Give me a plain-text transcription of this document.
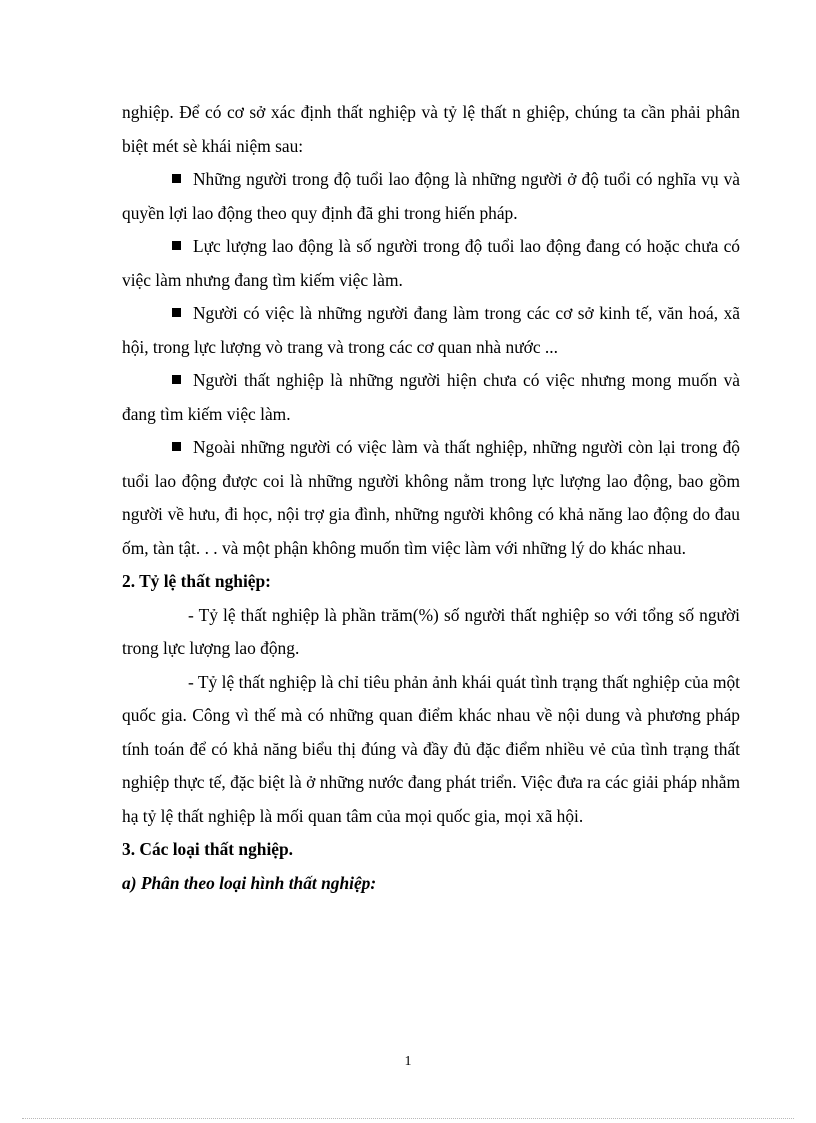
nghiệp. Để có cơ sở xác định thất nghiệp và tỷ lệ thất n ghiệp, chúng ta cần phải phân biệt mét sè khái niệm sau:

Những người trong độ tuổi lao động là những người ở độ tuổi có nghĩa vụ và quyền lợi lao động theo quy định đã ghi trong hiến pháp.

Lực lượng lao động là số người trong độ tuổi lao động đang có hoặc chưa có việc làm nhưng đang tìm kiếm việc làm.

Người có việc là những người đang làm trong các cơ sở kinh tế, văn hoá, xã hội, trong lực lượng vò trang và trong các cơ quan nhà nước ...

Người thất nghiệp là những người hiện chưa có việc nhưng mong muốn và đang tìm kiếm việc làm.

Ngoài những người có việc làm và thất nghiệp, những người còn lại trong độ tuổi lao động được coi là những người không nằm trong lực lượng lao động, bao gồm người về hưu, đi học, nội trợ gia đình, những người không có khả năng lao động do đau ốm, tàn tật. . . và một phận không muốn tìm việc làm với những lý do khác nhau.

2. Tỷ lệ thất nghiệp:

- Tỷ lệ thất nghiệp là phần trăm(%) số người thất nghiệp so với tổng số người trong lực lượng lao động.

- Tỷ lệ thất nghiệp là chỉ tiêu phản ảnh khái quát tình trạng thất nghiệp của một quốc gia. Công vì thế mà có những quan điểm khác nhau về nội dung và phương pháp tính toán để có khả năng biểu thị đúng và đầy đủ đặc điểm nhiều vẻ của tình trạng thất nghiệp thực tế, đặc biệt là ở những nước đang phát triển. Việc đưa ra các giải pháp nhằm hạ tỷ lệ thất nghiệp là mối quan tâm của mọi quốc gia, mọi xã hội.

3. Các loại thất nghiệp.

a) Phân theo loại hình thất nghiệp:

1
